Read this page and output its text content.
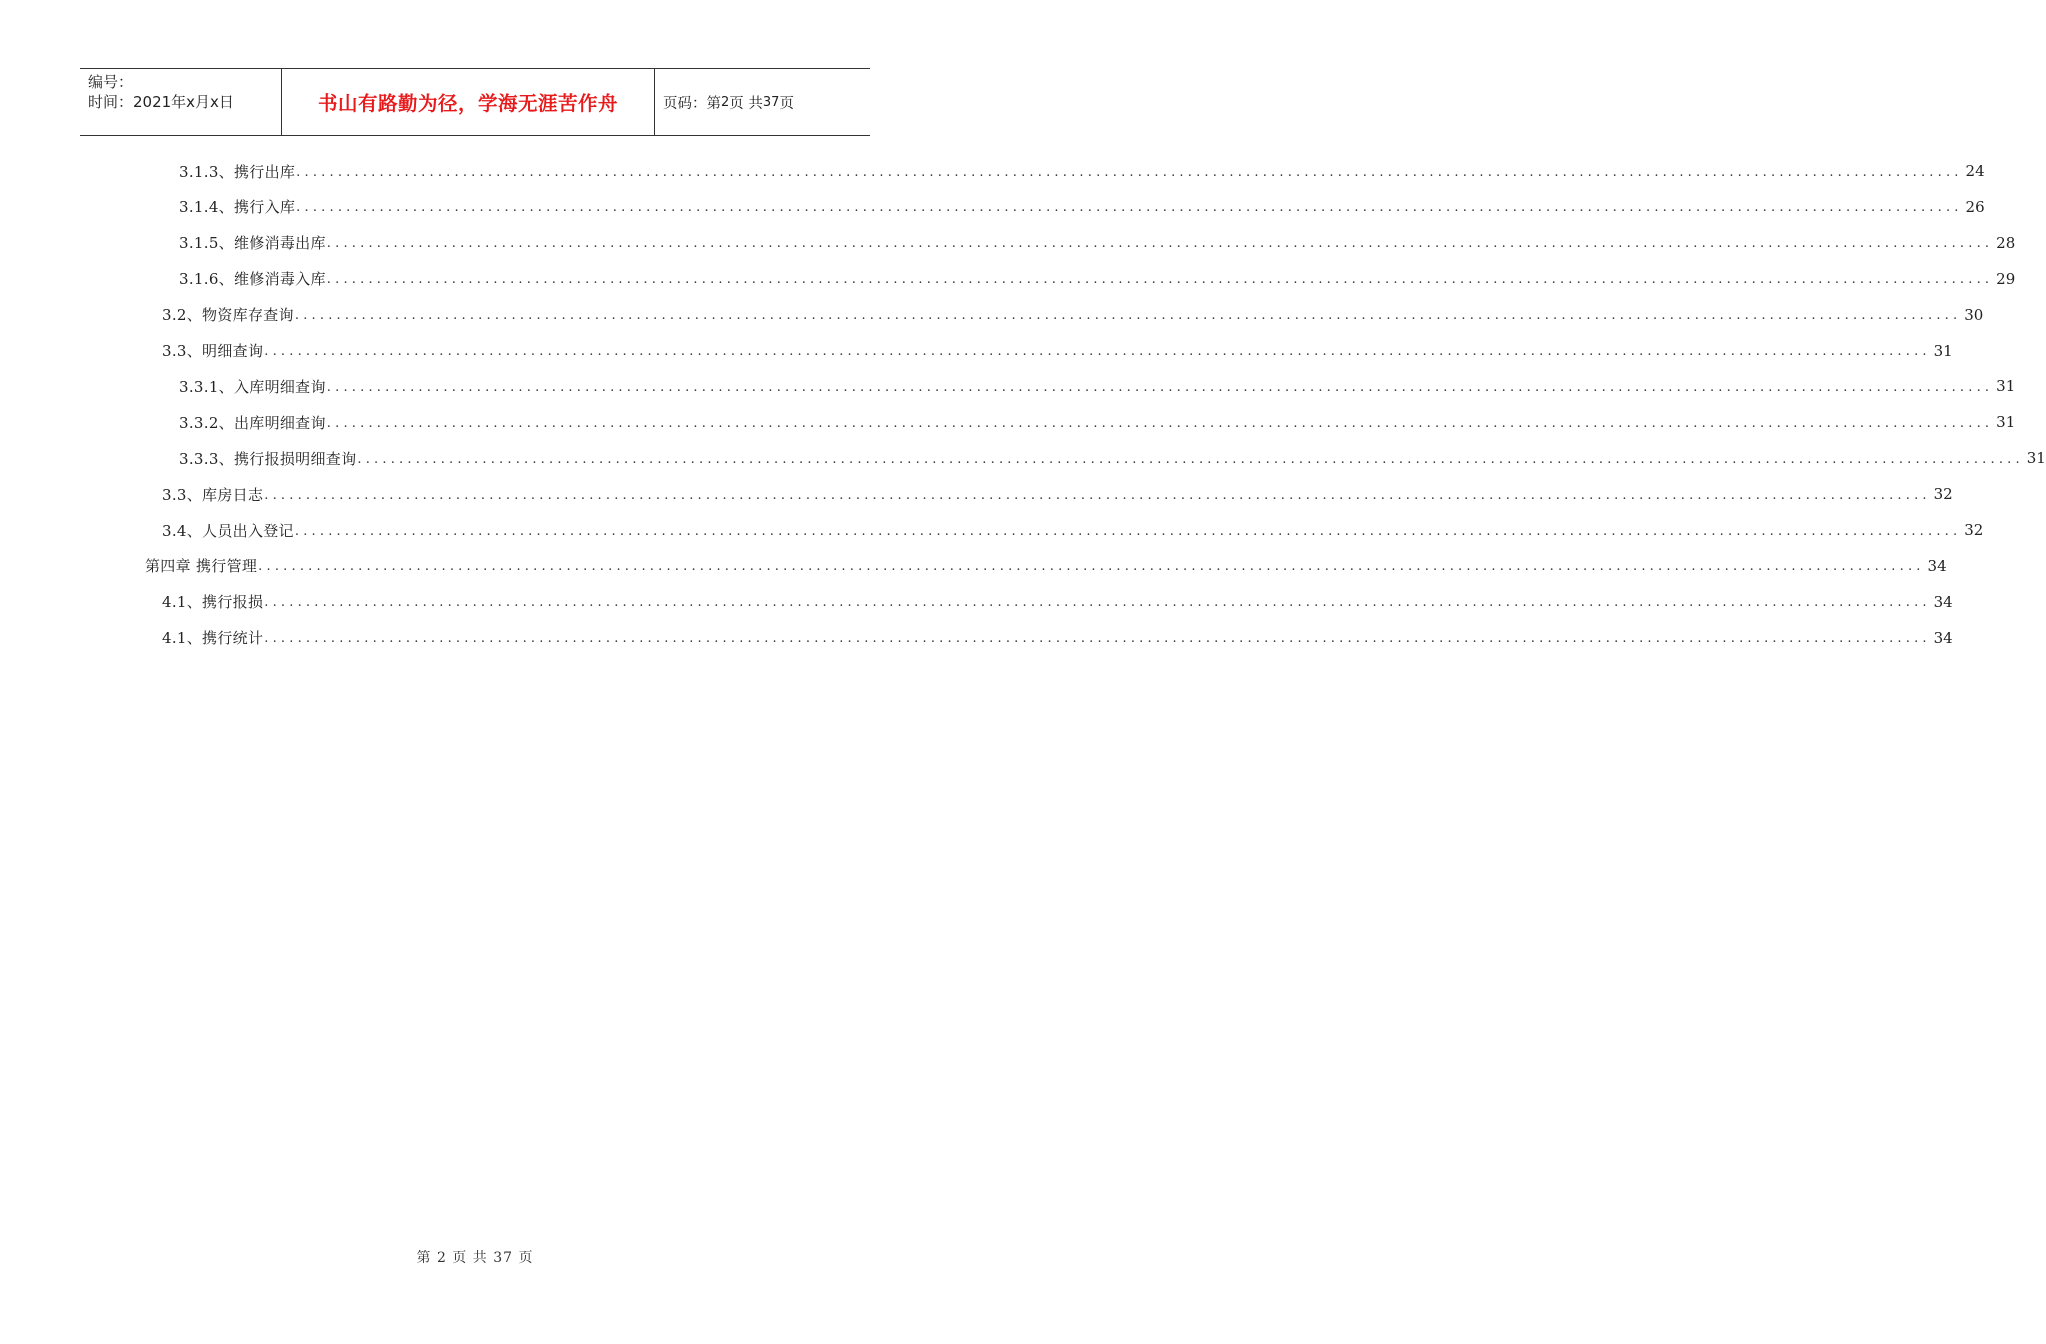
编号：
时间：2021年x月x日	书山有路勤为径，学海无涯苦作舟	页码：第 2 页 共 37 页
3.1.3、携行出库 ........................................................................................................................................................................................................ 24
3.1.4、携行入库 ........................................................................................................................................................................................................ 26
3.1.5、维修消毒出库 ........................................................................................................................................................................................................ 28
3.1.6、维修消毒入库 ........................................................................................................................................................................................................ 29
3.2、物资库存查询 ........................................................................................................................................................................................................ 30
3.3、明细查询 ........................................................................................................................................................................................................ 31
3.3.1、入库明细查询 ........................................................................................................................................................................................................ 31
3.3.2、出库明细查询 ........................................................................................................................................................................................................ 31
3.3.3、携行报损明细查询 ........................................................................................................................................................................................................ 31
3.3、库房日志 ........................................................................................................................................................................................................ 32
3.4、人员出入登记 ........................................................................................................................................................................................................ 32
第四章 携行管理 ........................................................................................................................................................................................................ 34
4.1、携行报损 ........................................................................................................................................................................................................ 34
4.1、携行统计 ........................................................................................................................................................................................................ 34
第 2 页 共 37 页
